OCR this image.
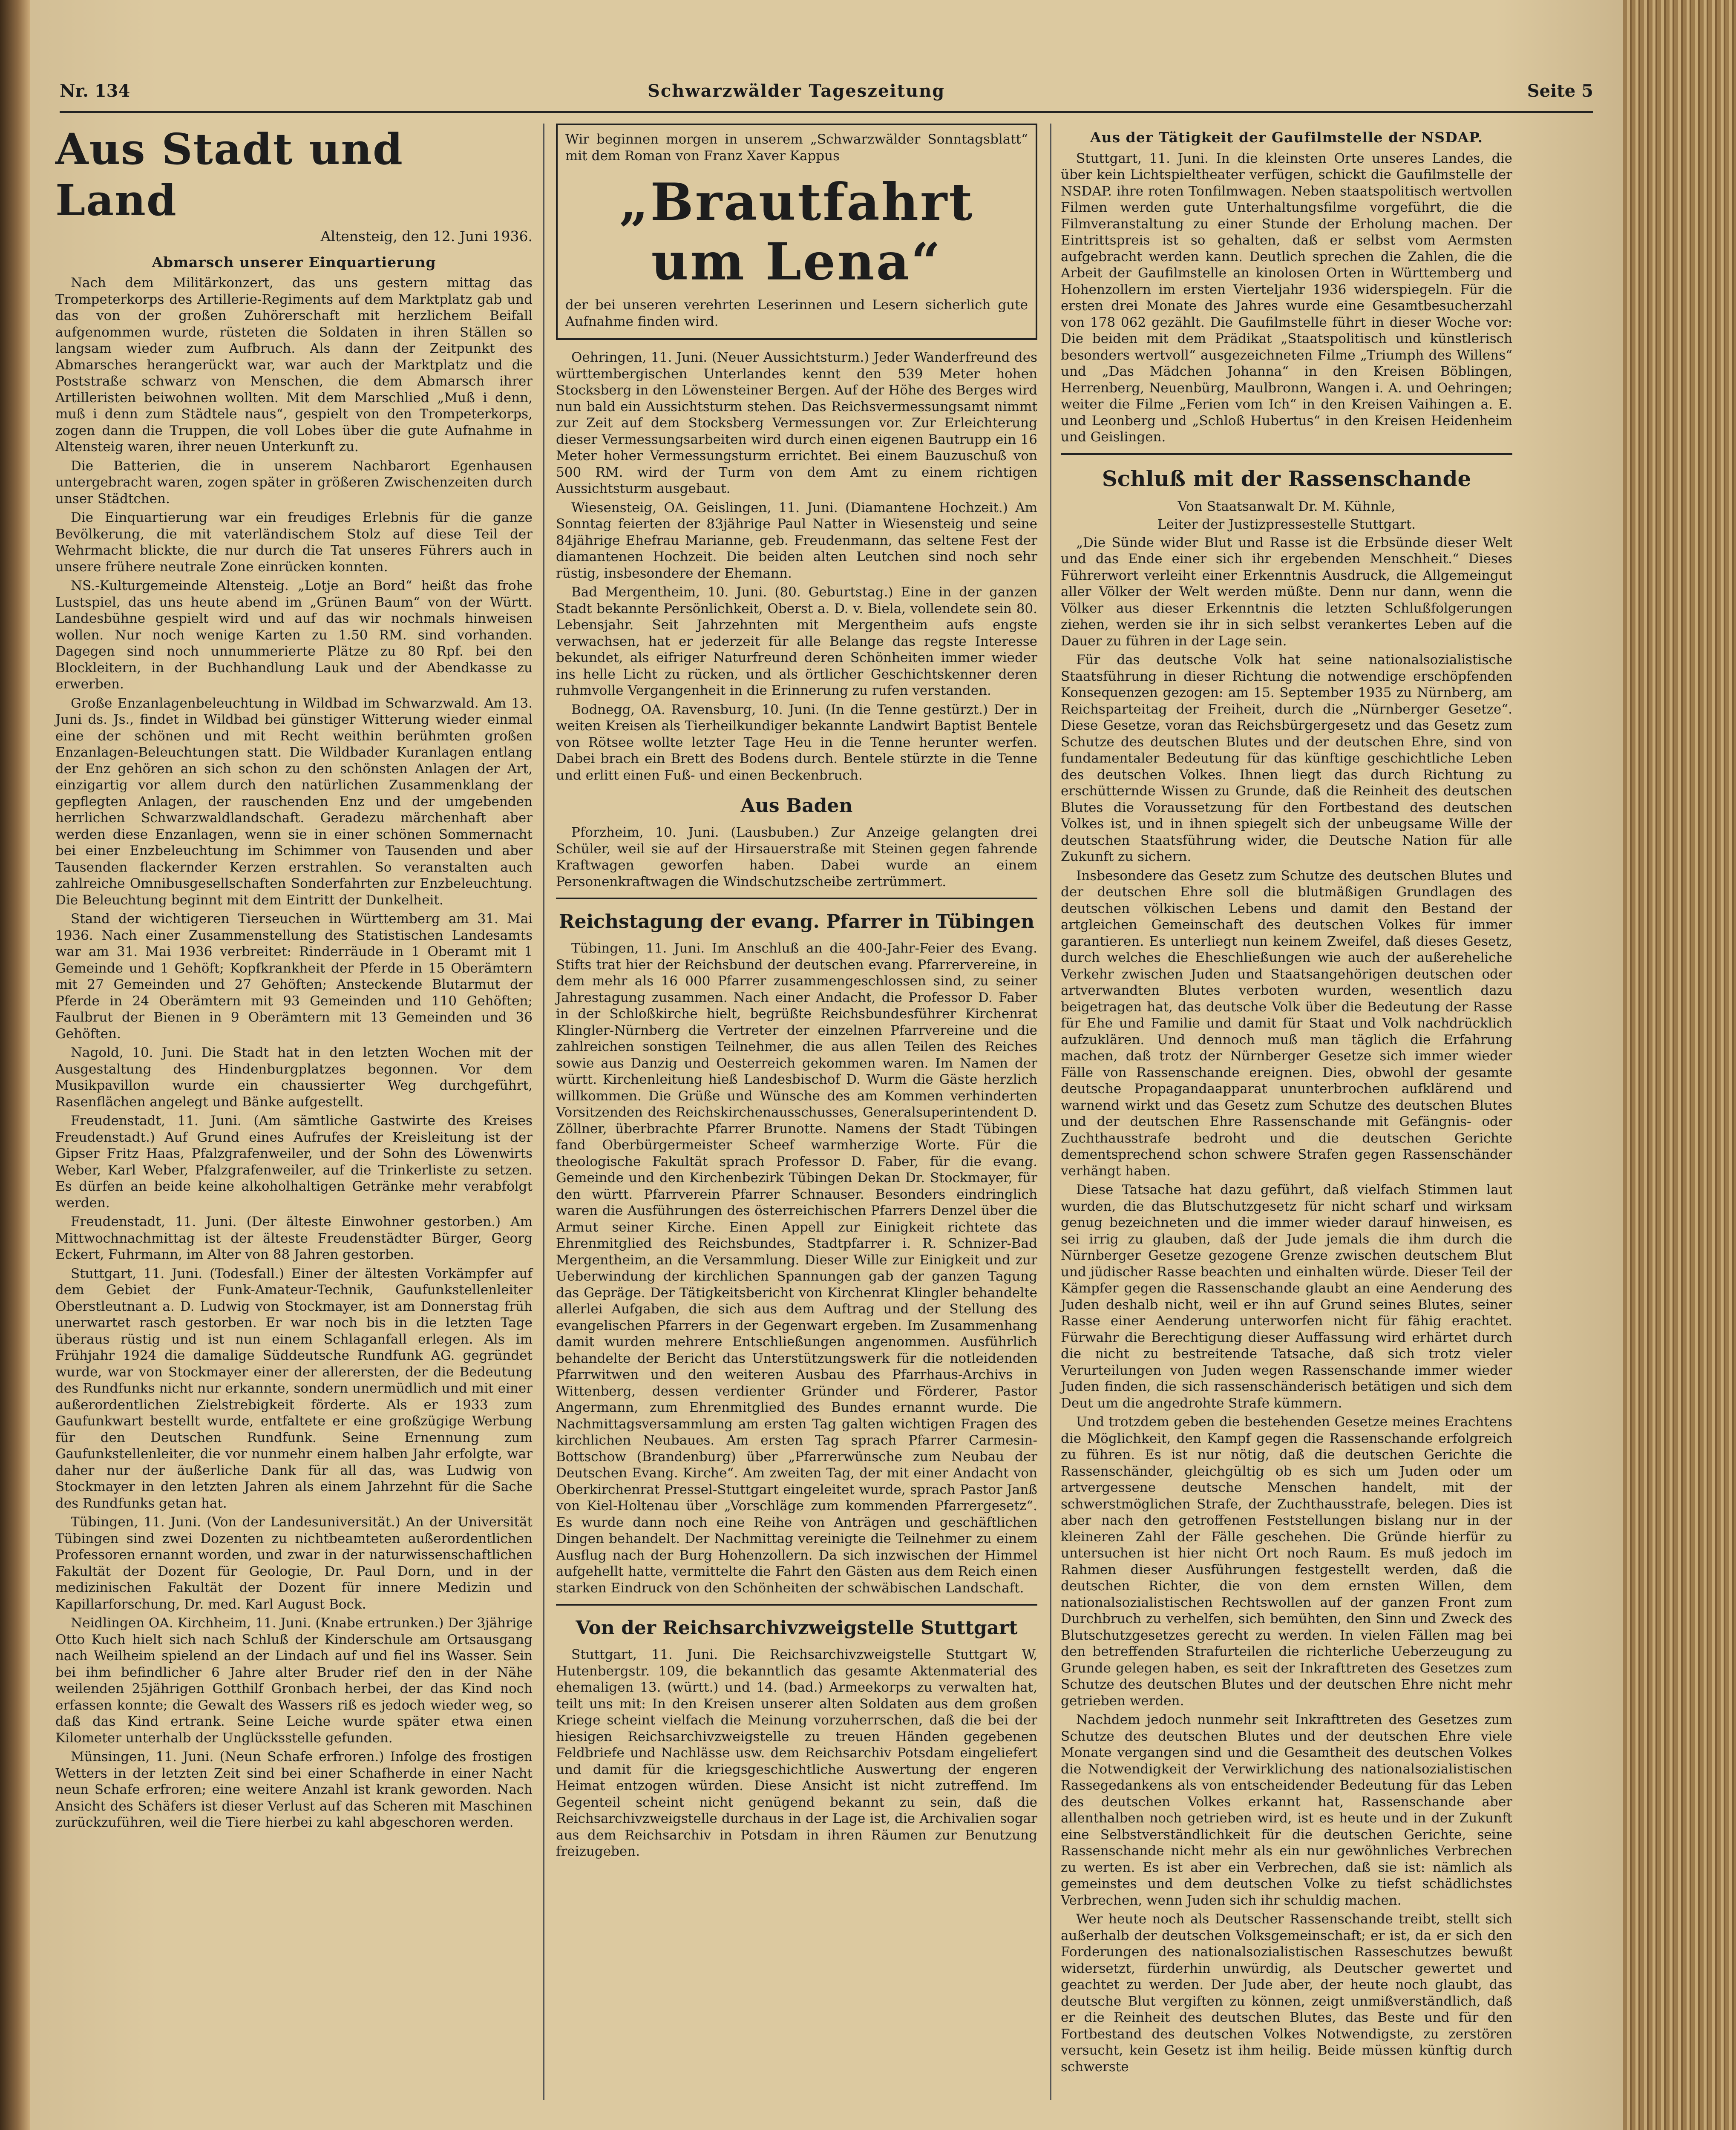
Nr. 134	Schwarzwälder Tageszeitung	Seite 5
Aus Stadt und Land
Altensteig, den 12. Juni 1936.
Abmarsch unserer Einquartierung

Nach dem Militärkonzert, das uns gestern mittag das Trompeterkorps des Artillerie-Regiments auf dem Marktplatz gab und das von der großen Zuhörerschaft mit herzlichem Beifall aufgenommen wurde, rüsteten die Soldaten in ihren Ställen so langsam wieder zum Aufbruch. Als dann der Zeitpunkt des Abmarsches herangerückt war, war auch der Marktplatz und die Poststraße schwarz von Menschen, die dem Abmarsch ihrer Artilleristen beiwohnen wollten. Mit dem Marschlied „Muß i denn, muß i denn zum Städtele naus“, gespielt von den Trompeterkorps, zogen dann die Truppen, die voll Lobes über die gute Aufnahme in Altensteig waren, ihrer neuen Unterkunft zu.

Die Batterien, die in unserem Nachbarort Egenhausen untergebracht waren, zogen später in größeren Zwischenzeiten durch unser Städtchen.

Die Einquartierung war ein freudiges Erlebnis für die ganze Bevölkerung, die mit vaterländischem Stolz auf diese Teil der Wehrmacht blickte, die nur durch die Tat unseres Führers auch in unsere frühere neutrale Zone einrücken konnten.

NS.-Kulturgemeinde Altensteig. „Lotje an Bord“ heißt das frohe Lustspiel, das uns heute abend im „Grünen Baum“ von der Württ. Landesbühne gespielt wird und auf das wir nochmals hinweisen wollen. Nur noch wenige Karten zu 1.50 RM. sind vorhanden. Dagegen sind noch unnummerierte Plätze zu 80 Rpf. bei den Blockleitern, in der Buchhandlung Lauk und der Abendkasse zu erwerben.

Große Enzanlagenbeleuchtung in Wildbad im Schwarzwald. Am 13. Juni ds. Js., findet in Wildbad bei günstiger Witterung wieder einmal eine der schönen und mit Recht weithin berühmten großen Enzanlagen-Beleuchtungen statt. Die Wildbader Kuranlagen entlang der Enz gehören an sich schon zu den schönsten Anlagen der Art, einzigartig vor allem durch den natürlichen Zusammenklang der gepflegten Anlagen, der rauschenden Enz und der umgebenden herrlichen Schwarzwaldlandschaft. Geradezu märchenhaft aber werden diese Enzanlagen, wenn sie in einer schönen Sommernacht bei einer Enzbeleuchtung im Schimmer von Tausenden und aber Tausenden flackernder Kerzen erstrahlen. So veranstalten auch zahlreiche Omnibusgesellschaften Sonderfahrten zur Enzbeleuchtung. Die Beleuchtung beginnt mit dem Eintritt der Dunkelheit.

Stand der wichtigeren Tierseuchen in Württemberg am 31. Mai 1936. Nach einer Zusammenstellung des Statistischen Landesamts war am 31. Mai 1936 verbreitet: Rinderräude in 1 Oberamt mit 1 Gemeinde und 1 Gehöft; Kopfkrankheit der Pferde in 15 Oberämtern mit 27 Gemeinden und 27 Gehöften; Ansteckende Blutarmut der Pferde in 24 Oberämtern mit 93 Gemeinden und 110 Gehöften; Faulbrut der Bienen in 9 Oberämtern mit 13 Gemeinden und 36 Gehöften.

Nagold, 10. Juni. Die Stadt hat in den letzten Wochen mit der Ausgestaltung des Hindenburgplatzes begonnen. Vor dem Musikpavillon wurde ein chaussierter Weg durchgeführt, Rasenflächen angelegt und Bänke aufgestellt.

Freudenstadt, 11. Juni. (Am sämtliche Gastwirte des Kreises Freudenstadt.) Auf Grund eines Aufrufes der Kreisleitung ist der Gipser Fritz Haas, Pfalzgrafenweiler, und der Sohn des Löwenwirts Weber, Karl Weber, Pfalzgrafenweiler, auf die Trinkerliste zu setzen. Es dürfen an beide keine alkoholhaltigen Getränke mehr verabfolgt werden.

Freudenstadt, 11. Juni. (Der älteste Einwohner gestorben.) Am Mittwochnachmittag ist der älteste Freudenstädter Bürger, Georg Eckert, Fuhrmann, im Alter von 88 Jahren gestorben.

Stuttgart, 11. Juni. (Todesfall.) Einer der ältesten Vorkämpfer auf dem Gebiet der Funk-Amateur-Technik, Gaufunkstellenleiter Oberstleutnant a. D. Ludwig von Stockmayer, ist am Donnerstag früh unerwartet rasch gestorben. Er war noch bis in die letzten Tage überaus rüstig und ist nun einem Schlaganfall erlegen. Als im Frühjahr 1924 die damalige Süddeutsche Rundfunk AG. gegründet wurde, war von Stockmayer einer der allerersten, der die Bedeutung des Rundfunks nicht nur erkannte, sondern unermüdlich und mit einer außerordentlichen Zielstrebigkeit förderte. Als er 1933 zum Gaufunkwart bestellt wurde, entfaltete er eine großzügige Werbung für den Deutschen Rundfunk. Seine Ernennung zum Gaufunkstellenleiter, die vor nunmehr einem halben Jahr erfolgte, war daher nur der äußerliche Dank für all das, was Ludwig von Stockmayer in den letzten Jahren als einem Jahrzehnt für die Sache des Rundfunks getan hat.

Tübingen, 11. Juni. (Von der Landesuniversität.) An der Universität Tübingen sind zwei Dozenten zu nichtbeamteten außerordentlichen Professoren ernannt worden, und zwar in der naturwissenschaftlichen Fakultät der Dozent für Geologie, Dr. Paul Dorn, und in der medizinischen Fakultät der Dozent für innere Medizin und Kapillarforschung, Dr. med. Karl August Bock.

Neidlingen OA. Kirchheim, 11. Juni. (Knabe ertrunken.) Der 3jährige Otto Kuch hielt sich nach Schluß der Kinderschule am Ortsausgang nach Weilheim spielend an der Lindach auf und fiel ins Wasser. Sein bei ihm befindlicher 6 Jahre alter Bruder rief den in der Nähe weilenden 25jährigen Gotthilf Gronbach herbei, der das Kind noch erfassen konnte; die Gewalt des Wassers riß es jedoch wieder weg, so daß das Kind ertrank. Seine Leiche wurde später etwa einen Kilometer unterhalb der Unglücksstelle gefunden.

Münsingen, 11. Juni. (Neun Schafe erfroren.) Infolge des frostigen Wetters in der letzten Zeit sind bei einer Schafherde in einer Nacht neun Schafe erfroren; eine weitere Anzahl ist krank geworden. Nach Ansicht des Schäfers ist dieser Verlust auf das Scheren mit Maschinen zurückzuführen, weil die Tiere hierbei zu kahl abgeschoren werden.

Wir beginnen morgen in unserem „Schwarzwälder Sonntagsblatt“ mit dem Roman von Franz Xaver Kappus

„Brautfahrt um Lena“

der bei unseren verehrten Leserinnen und Lesern sicherlich gute Aufnahme finden wird.

Oehringen, 11. Juni. (Neuer Aussichtsturm.) Jeder Wanderfreund des württembergischen Unterlandes kennt den 539 Meter hohen Stocksberg in den Löwensteiner Bergen. Auf der Höhe des Berges wird nun bald ein Aussichtsturm stehen. Das Reichsvermessungsamt nimmt zur Zeit auf dem Stocksberg Vermessungen vor. Zur Erleichterung dieser Vermessungsarbeiten wird durch einen eigenen Bautrupp ein 16 Meter hoher Vermessungsturm errichtet. Bei einem Bauzuschuß von 500 RM. wird der Turm von dem Amt zu einem richtigen Aussichtsturm ausgebaut.

Wiesensteig, OA. Geislingen, 11. Juni. (Diamantene Hochzeit.) Am Sonntag feierten der 83jährige Paul Natter in Wiesensteig und seine 84jährige Ehefrau Marianne, geb. Freudenmann, das seltene Fest der diamantenen Hochzeit. Die beiden alten Leutchen sind noch sehr rüstig, insbesondere der Ehemann.

Bad Mergentheim, 10. Juni. (80. Geburtstag.) Eine in der ganzen Stadt bekannte Persönlichkeit, Oberst a. D. v. Biela, vollendete sein 80. Lebensjahr. Seit Jahrzehnten mit Mergentheim aufs engste verwachsen, hat er jederzeit für alle Belange das regste Interesse bekundet, als eifriger Naturfreund deren Schönheiten immer wieder ins helle Licht zu rücken, und als örtlicher Geschichtskenner deren ruhmvolle Vergangenheit in die Erinnerung zu rufen verstanden.

Bodnegg, OA. Ravensburg, 10. Juni. (In die Tenne gestürzt.) Der in weiten Kreisen als Tierheilkundiger bekannte Landwirt Baptist Bentele von Rötsee wollte letzter Tage Heu in die Tenne herunter werfen. Dabei brach ein Brett des Bodens durch. Bentele stürzte in die Tenne und erlitt einen Fuß- und einen Beckenbruch.

Aus Baden

Pforzheim, 10. Juni. (Lausbuben.) Zur Anzeige gelangten drei Schüler, weil sie auf der Hirsauerstraße mit Steinen gegen fahrende Kraftwagen geworfen haben. Dabei wurde an einem Personenkraftwagen die Windschutzscheibe zertrümmert.

Reichstagung der evang. Pfarrer in Tübingen

Tübingen, 11. Juni. Im Anschluß an die 400-Jahr-Feier des Evang. Stifts trat hier der Reichsbund der deutschen evang. Pfarrervereine, in dem mehr als 16 000 Pfarrer zusammengeschlossen sind, zu seiner Jahrestagung zusammen. Nach einer Andacht, die Professor D. Faber in der Schloßkirche hielt, begrüßte Reichsbundesführer Kirchenrat Klingler-Nürnberg die Vertreter der einzelnen Pfarrvereine und die zahlreichen sonstigen Teilnehmer, die aus allen Teilen des Reiches sowie aus Danzig und Oesterreich gekommen waren. Im Namen der württ. Kirchenleitung hieß Landesbischof D. Wurm die Gäste herzlich willkommen. Die Grüße und Wünsche des am Kommen verhinderten Vorsitzenden des Reichskirchenausschusses, Generalsuperintendent D. Zöllner, überbrachte Pfarrer Brunotte. Namens der Stadt Tübingen fand Oberbürgermeister Scheef warmherzige Worte. Für die theologische Fakultät sprach Professor D. Faber, für die evang. Gemeinde und den Kirchenbezirk Tübingen Dekan Dr. Stockmayer, für den württ. Pfarrverein Pfarrer Schnauser. Besonders eindringlich waren die Ausführungen des österreichischen Pfarrers Denzel über die Armut seiner Kirche. Einen Appell zur Einigkeit richtete das Ehrenmitglied des Reichsbundes, Stadtpfarrer i. R. Schnizer-Bad Mergentheim, an die Versammlung. Dieser Wille zur Einigkeit und zur Ueberwindung der kirchlichen Spannungen gab der ganzen Tagung das Gepräge. Der Tätigkeitsbericht von Kirchenrat Klingler behandelte allerlei Aufgaben, die sich aus dem Auftrag und der Stellung des evangelischen Pfarrers in der Gegenwart ergeben. Im Zusammenhang damit wurden mehrere Entschließungen angenommen. Ausführlich behandelte der Bericht das Unterstützungswerk für die notleidenden Pfarrwitwen und den weiteren Ausbau des Pfarrhaus-Archivs in Wittenberg, dessen verdienter Gründer und Förderer, Pastor Angermann, zum Ehrenmitglied des Bundes ernannt wurde. Die Nachmittagsversammlung am ersten Tag galten wichtigen Fragen des kirchlichen Neubaues. Am ersten Tag sprach Pfarrer Carmesin-Bottschow (Brandenburg) über „Pfarrerwünsche zum Neubau der Deutschen Evang. Kirche“. Am zweiten Tag, der mit einer Andacht von Oberkirchenrat Pressel-Stuttgart eingeleitet wurde, sprach Pastor Janß von Kiel-Holtenau über „Vorschläge zum kommenden Pfarrergesetz“. Es wurde dann noch eine Reihe von Anträgen und geschäftlichen Dingen behandelt. Der Nachmittag vereinigte die Teilnehmer zu einem Ausflug nach der Burg Hohenzollern. Da sich inzwischen der Himmel aufgehellt hatte, vermittelte die Fahrt den Gästen aus dem Reich einen starken Eindruck von den Schönheiten der schwäbischen Landschaft.

Von der Reichsarchivzweigstelle Stuttgart

Stuttgart, 11. Juni. Die Reichsarchivzweigstelle Stuttgart W, Hutenbergstr. 109, die bekanntlich das gesamte Aktenmaterial des ehemaligen 13. (württ.) und 14. (bad.) Armeekorps zu verwalten hat, teilt uns mit: In den Kreisen unserer alten Soldaten aus dem großen Kriege scheint vielfach die Meinung vorzuherrschen, daß die bei der hiesigen Reichsarchivzweigstelle zu treuen Händen gegebenen Feldbriefe und Nachlässe usw. dem Reichsarchiv Potsdam eingeliefert und damit für die kriegsgeschichtliche Auswertung der engeren Heimat entzogen würden. Diese Ansicht ist nicht zutreffend. Im Gegenteil scheint nicht genügend bekannt zu sein, daß die Reichsarchivzweigstelle durchaus in der Lage ist, die Archivalien sogar aus dem Reichsarchiv in Potsdam in ihren Räumen zur Benutzung freizugeben.

Aus der Tätigkeit der Gaufilmstelle der NSDAP.

Stuttgart, 11. Juni. In die kleinsten Orte unseres Landes, die über kein Lichtspieltheater verfügen, schickt die Gaufilmstelle der NSDAP. ihre roten Tonfilmwagen. Neben staatspolitisch wertvollen Filmen werden gute Unterhaltungsfilme vorgeführt, die die Filmveranstaltung zu einer Stunde der Erholung machen. Der Eintrittspreis ist so gehalten, daß er selbst vom Aermsten aufgebracht werden kann. Deutlich sprechen die Zahlen, die die Arbeit der Gaufilmstelle an kinolosen Orten in Württemberg und Hohenzollern im ersten Vierteljahr 1936 widerspiegeln. Für die ersten drei Monate des Jahres wurde eine Gesamtbesucherzahl von 178 062 gezählt. Die Gaufilmstelle führt in dieser Woche vor: Die beiden mit dem Prädikat „Staatspolitisch und künstlerisch besonders wertvoll“ ausgezeichneten Filme „Triumph des Willens“ und „Das Mädchen Johanna“ in den Kreisen Böblingen, Herrenberg, Neuenbürg, Maulbronn, Wangen i. A. und Oehringen; weiter die Filme „Ferien vom Ich“ in den Kreisen Vaihingen a. E. und Leonberg und „Schloß Hubertus“ in den Kreisen Heidenheim und Geislingen.

Schluß mit der Rassenschande
Von Staatsanwalt Dr. M. Kühnle,
Leiter der Justizpressestelle Stuttgart.

„Die Sünde wider Blut und Rasse ist die Erbsünde dieser Welt und das Ende einer sich ihr ergebenden Menschheit.“ Dieses Führerwort verleiht einer Erkenntnis Ausdruck, die Allgemeingut aller Völker der Welt werden müßte. Denn nur dann, wenn die Völker aus dieser Erkenntnis die letzten Schlußfolgerungen ziehen, werden sie ihr in sich selbst verankertes Leben auf die Dauer zu führen in der Lage sein.

Für das deutsche Volk hat seine nationalsozialistische Staatsführung in dieser Richtung die notwendige erschöpfenden Konsequenzen gezogen: am 15. September 1935 zu Nürnberg, am Reichsparteitag der Freiheit, durch die „Nürnberger Gesetze“. Diese Gesetze, voran das Reichsbürgergesetz und das Gesetz zum Schutze des deutschen Blutes und der deutschen Ehre, sind von fundamentaler Bedeutung für das künftige geschichtliche Leben des deutschen Volkes. Ihnen liegt das durch Richtung zu erschütternde Wissen zu Grunde, daß die Reinheit des deutschen Blutes die Voraussetzung für den Fortbestand des deutschen Volkes ist, und in ihnen spiegelt sich der unbeugsame Wille der deutschen Staatsführung wider, die Deutsche Nation für alle Zukunft zu sichern.

Insbesondere das Gesetz zum Schutze des deutschen Blutes und der deutschen Ehre soll die blutmäßigen Grundlagen des deutschen völkischen Lebens und damit den Bestand der artgleichen Gemeinschaft des deutschen Volkes für immer garantieren. Es unterliegt nun keinem Zweifel, daß dieses Gesetz, durch welches die Eheschließungen wie auch der außereheliche Verkehr zwischen Juden und Staatsangehörigen deutschen oder artverwandten Blutes verboten wurden, wesentlich dazu beigetragen hat, das deutsche Volk über die Bedeutung der Rasse für Ehe und Familie und damit für Staat und Volk nachdrücklich aufzuklären. Und dennoch muß man täglich die Erfahrung machen, daß trotz der Nürnberger Gesetze sich immer wieder Fälle von Rassenschande ereignen. Dies, obwohl der gesamte deutsche Propagandaapparat ununterbrochen aufklärend und warnend wirkt und das Gesetz zum Schutze des deutschen Blutes und der deutschen Ehre Rassenschande mit Gefängnis- oder Zuchthausstrafe bedroht und die deutschen Gerichte dementsprechend schon schwere Strafen gegen Rassenschänder verhängt haben.

Diese Tatsache hat dazu geführt, daß vielfach Stimmen laut wurden, die das Blutschutzgesetz für nicht scharf und wirksam genug bezeichneten und die immer wieder darauf hinweisen, es sei irrig zu glauben, daß der Jude jemals die ihm durch die Nürnberger Gesetze gezogene Grenze zwischen deutschem Blut und jüdischer Rasse beachten und einhalten würde. Dieser Teil der Kämpfer gegen die Rassenschande glaubt an eine Aenderung des Juden deshalb nicht, weil er ihn auf Grund seines Blutes, seiner Rasse einer Aenderung unterworfen nicht für fähig erachtet. Fürwahr die Berechtigung dieser Auffassung wird erhärtet durch die nicht zu bestreitende Tatsache, daß sich trotz vieler Verurteilungen von Juden wegen Rassenschande immer wieder Juden finden, die sich rassenschänderisch betätigen und sich dem Deut um die angedrohte Strafe kümmern.

Und trotzdem geben die bestehenden Gesetze meines Erachtens die Möglichkeit, den Kampf gegen die Rassenschande erfolgreich zu führen. Es ist nur nötig, daß die deutschen Gerichte die Rassenschänder, gleichgültig ob es sich um Juden oder um artvergessene deutsche Menschen handelt, mit der schwerstmöglichen Strafe, der Zuchthausstrafe, belegen. Dies ist aber nach den getroffenen Feststellungen bislang nur in der kleineren Zahl der Fälle geschehen. Die Gründe hierfür zu untersuchen ist hier nicht Ort noch Raum. Es muß jedoch im Rahmen dieser Ausführungen festgestellt werden, daß die deutschen Richter, die von dem ernsten Willen, dem nationalsozialistischen Rechtswollen auf der ganzen Front zum Durchbruch zu verhelfen, sich bemühten, den Sinn und Zweck des Blutschutzgesetzes gerecht zu werden. In vielen Fällen mag bei den betreffenden Strafurteilen die richterliche Ueberzeugung zu Grunde gelegen haben, es seit der Inkrafttreten des Gesetzes zum Schutze des deutschen Blutes und der deutschen Ehre nicht mehr getrieben werden.

Nachdem jedoch nunmehr seit Inkrafttreten des Gesetzes zum Schutze des deutschen Blutes und der deutschen Ehre viele Monate vergangen sind und die Gesamtheit des deutschen Volkes die Notwendigkeit der Verwirklichung des nationalsozialistischen Rassegedankens als von entscheidender Bedeutung für das Leben des deutschen Volkes erkannt hat, Rassenschande aber allenthalben noch getrieben wird, ist es heute und in der Zukunft eine Selbstverständlichkeit für die deutschen Gerichte, seine Rassenschande nicht mehr als ein nur gewöhnliches Verbrechen zu werten. Es ist aber ein Verbrechen, daß sie ist: nämlich als gemeinstes und dem deutschen Volke zu tiefst schädlichstes Verbrechen, wenn Juden sich ihr schuldig machen.

Wer heute noch als Deutscher Rassenschande treibt, stellt sich außerhalb der deutschen Volksgemeinschaft; er ist, da er sich den Forderungen des nationalsozialistischen Rasseschutzes bewußt widersetzt, fürderhin unwürdig, als Deutscher gewertet und geachtet zu werden. Der Jude aber, der heute noch glaubt, das deutsche Blut vergiften zu können, zeigt unmißverständlich, daß er die Reinheit des deutschen Blutes, das Beste und für den Fortbestand des deutschen Volkes Notwendigste, zu zerstören versucht, kein Gesetz ist ihm heilig. Beide müssen künftig durch schwerste
